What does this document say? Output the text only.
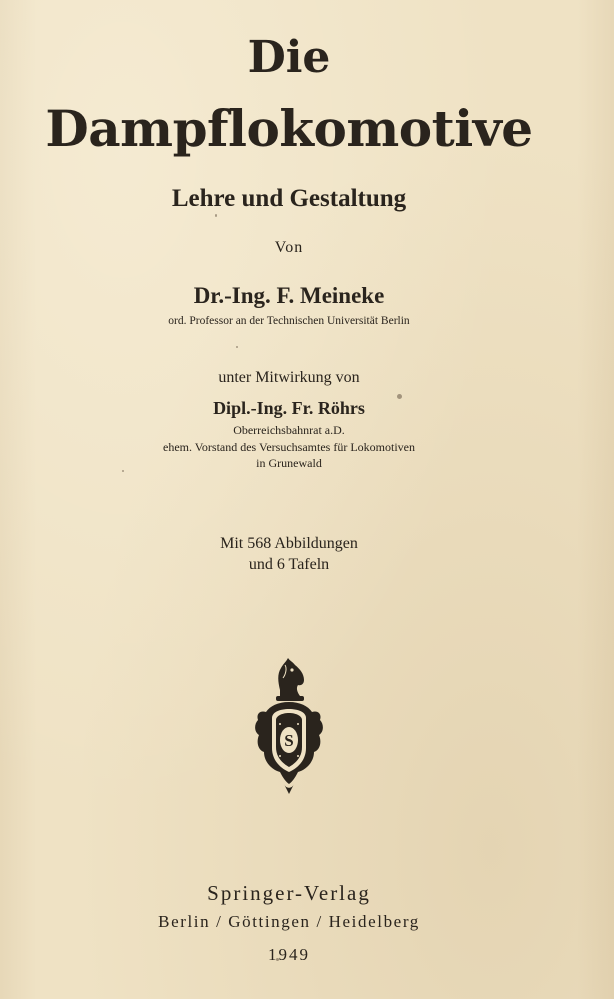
Die
Dampflokomotive
Lehre und Gestaltung
Von
Dr.-Ing. F. Meineke
ord. Professor an der Technischen Universität Berlin
unter Mitwirkung von
Dipl.-Ing. Fr. Röhrs
Oberreichsbahnrat a.D.
ehem. Vorstand des Versuchsamtes für Lokomotiven
in Grunewald
Mit 568 Abbildungen
und 6 Tafeln
S
Springer-Verlag
Berlin / Göttingen / Heidelberg
1949
